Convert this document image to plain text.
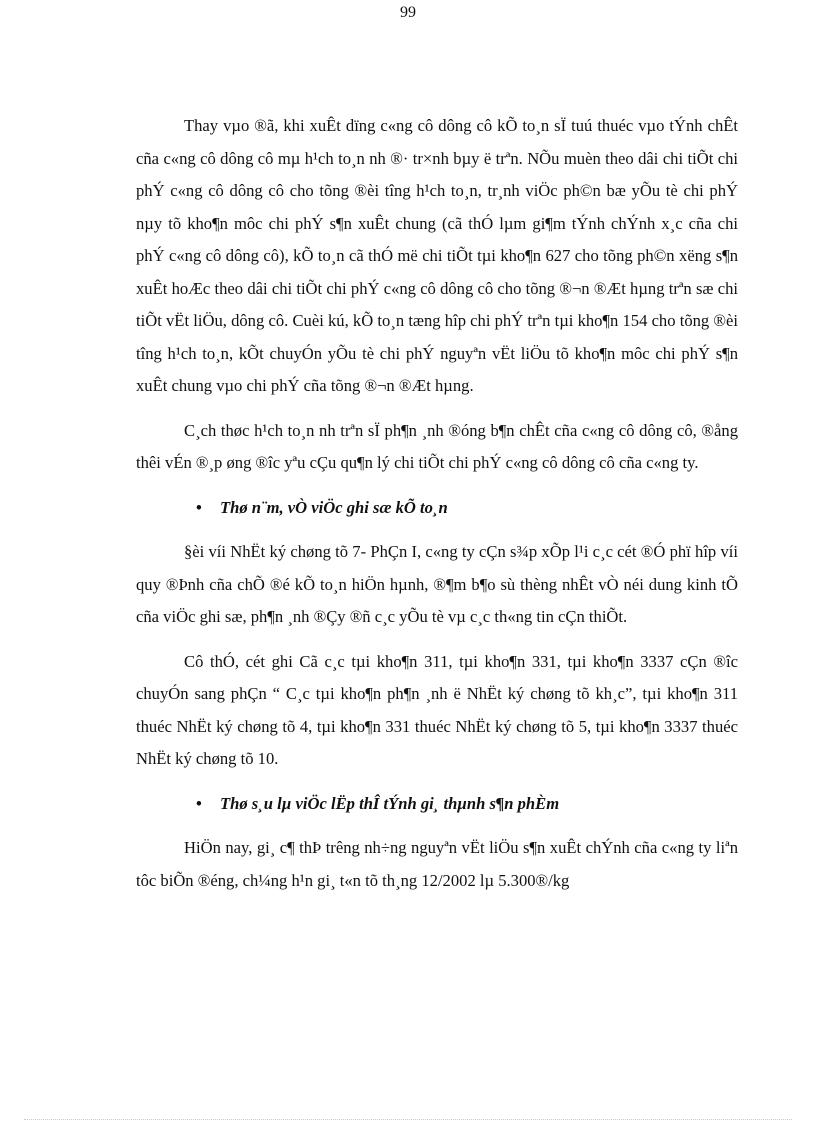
99

Thay vµo ®ã, khi xuÊt dïng c«ng cô dông cô kÕ to¸n sÏ tuú thuéc vµo tÝnh chÊt cña c«ng cô dông cô mµ h¹ch to¸n nh ®· tr×nh bµy ë trªn. NÕu muèn theo dâi chi tiÕt chi phÝ c«ng cô dông cô cho tõng ®èi tîng h¹ch to¸n, tr¸nh viÖc ph©n bæ yÕu tè chi phÝ nµy tõ kho¶n môc chi phÝ s¶n xuÊt chung (cã thÓ lµm gi¶m tÝnh chÝnh x¸c cña chi phÝ c«ng cô dông cô), kÕ to¸n cã thÓ më chi tiÕt tµi kho¶n 627 cho tõng ph©n xëng s¶n xuÊt hoÆc theo dâi chi tiÕt chi phÝ c«ng cô dông cô cho tõng ®¬n ®Æt hµng trªn sæ chi tiÕt vËt liÖu, dông cô. Cuèi kú, kÕ to¸n tæng hîp chi phÝ trªn tµi kho¶n 154 cho tõng ®èi tîng h¹ch to¸n, kÕt chuyÓn yÕu tè chi phÝ nguyªn vËt liÖu tõ kho¶n môc chi phÝ s¶n xuÊt chung vµo chi phÝ cña tõng ®¬n ®Æt hµng.

C¸ch thøc h¹ch to¸n nh trªn sÏ ph¶n ¸nh ®óng b¶n chÊt cña c«ng cô dông cô, ®ång thêi vÉn ®¸p øng ®îc yªu cÇu qu¶n lý chi tiÕt chi phÝ c«ng cô dông cô cña c«ng ty.

• Thø n¨m, vÒ viÖc ghi sæ kÕ to¸n

§èi víi NhËt ký chøng tõ 7- PhÇn I, c«ng ty cÇn s¾p xÕp l¹i c¸c cét ®Ó phï hîp víi quy ®Þnh cña chÕ ®é kÕ to¸n hiÖn hµnh, ®¶m b¶o sù thèng nhÊt vÒ néi dung kinh tÕ cña viÖc ghi sæ, ph¶n ¸nh ®Çy ®ñ c¸c yÕu tè vµ c¸c th«ng tin cÇn thiÕt.

Cô thÓ, cét ghi Cã c¸c tµi kho¶n 311, tµi kho¶n 331, tµi kho¶n 3337 cÇn ®îc chuyÓn sang phÇn “ C¸c tµi kho¶n ph¶n ¸nh ë NhËt ký chøng tõ kh¸c”, tµi kho¶n 311 thuéc NhËt ký chøng tõ 4, tµi kho¶n 331 thuéc NhËt ký chøng tõ 5, tµi kho¶n 3337 thuéc NhËt ký chøng tõ 10.

• Thø s¸u lµ viÖc lËp thÎ tÝnh gi¸ thµnh s¶n phÈm

HiÖn nay, gi¸ c¶ thÞ trêng nh÷ng nguyªn vËt liÖu s¶n xuÊt chÝnh cña c«ng ty liªn tôc biÕn ®éng, ch¼ng h¹n gi¸ t«n tõ th¸ng 12/2002 lµ 5.300®/kg
